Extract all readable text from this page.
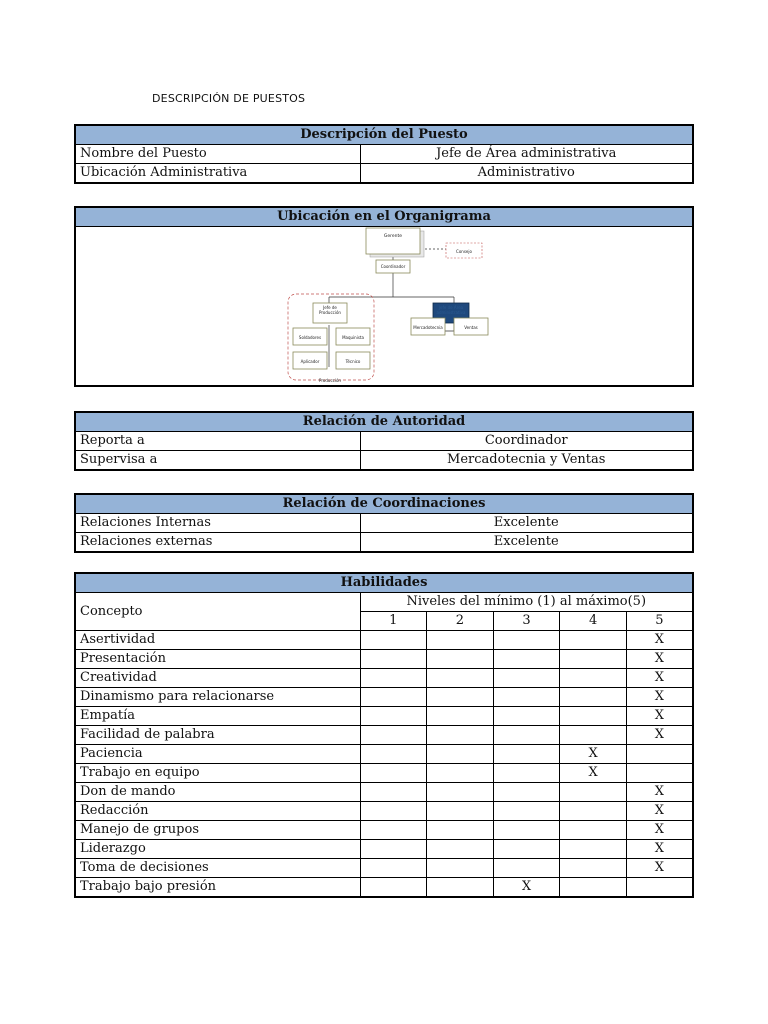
DESCRIPCIÓN DE PUESTOS
Descripción del Puesto	
Nombre del Puesto	Jefe de Área administrativa
Ubicación Administrativa	Administrativo
Ubicación en el Organigrama

Gerente
Consejo
Coordinador
Producción
Jefe de Producción
Jefe de Área administrativa
Mercadotecnia	Ventas
Soldadores	Maquinista
Aplicador	Técnico
Relación de Autoridad	
Reporta a	Coordinador
Supervisa a	Mercadotecnia y Ventas
Relación de Coordinaciones	
Relaciones Internas	Excelente
Relaciones externas	Excelente
Habilidades					
Concepto	Niveles del mínimo (1) al máximo(5)				
	1	2	3	4	5
Asertividad					X
Presentación					X
Creatividad					X
Dinamismo para relacionarse					X
Empatía					X
Facilidad de palabra					X
Paciencia				X	
Trabajo en equipo				X	
Don de mando					X
Redacción					X
Manejo de grupos					X
Liderazgo					X
Toma de decisiones					X
Trabajo bajo presión			X		
